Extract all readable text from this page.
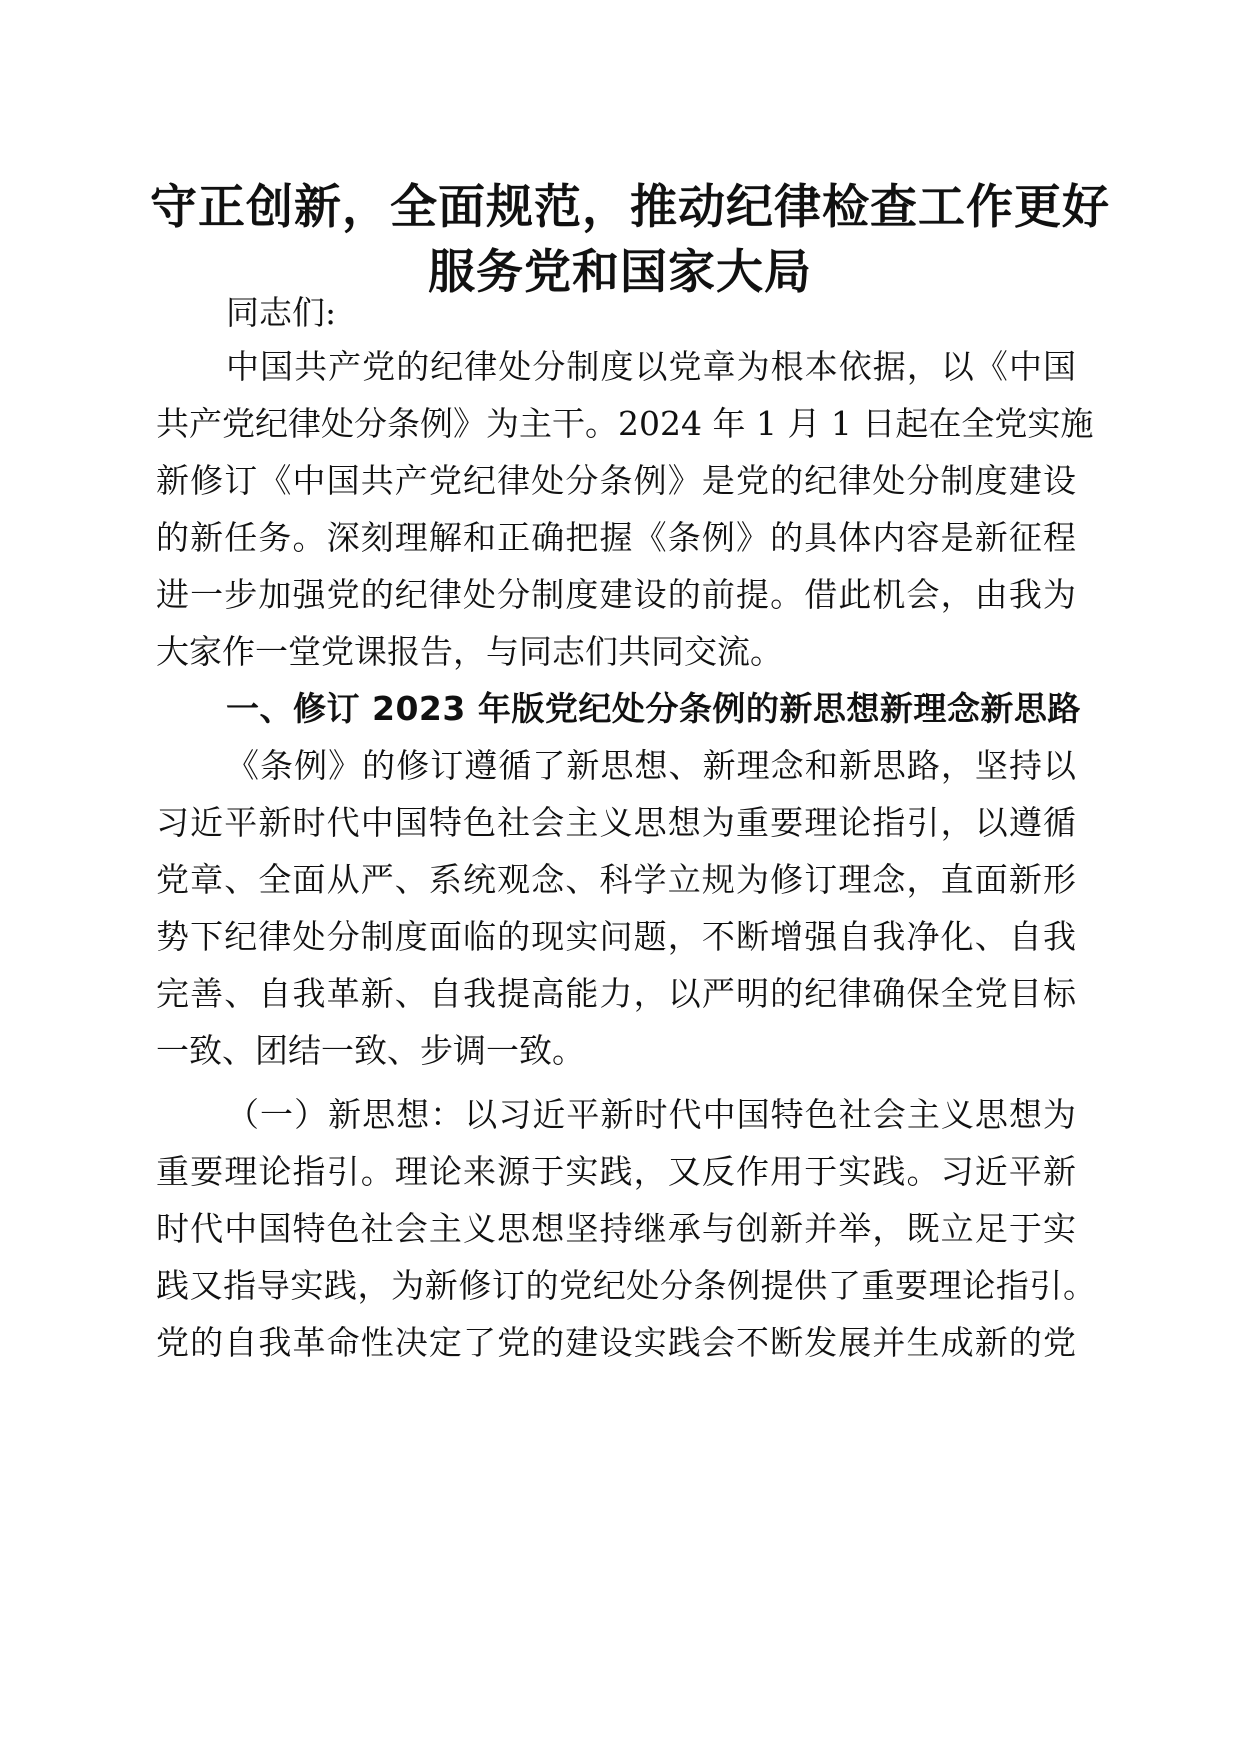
守正创新，全面规范，推动纪律检查工作更好
服务党和国家大局

同志们:

中国共产党的纪律处分制度以党章为根本依据，以《中国

共产党纪律处分条例》为主干。2024 年 1 月 1 日起在全党实施

新修订《中国共产党纪律处分条例》是党的纪律处分制度建设

的新任务。深刻理解和正确把握《条例》的具体内容是新征程

进一步加强党的纪律处分制度建设的前提。借此机会，由我为

大家作一堂党课报告，与同志们共同交流。

一、修订 2023 年版党纪处分条例的新思想新理念新思路

《条例》的修订遵循了新思想、新理念和新思路，坚持以

习近平新时代中国特色社会主义思想为重要理论指引，以遵循

党章、全面从严、系统观念、科学立规为修订理念，直面新形

势下纪律处分制度面临的现实问题，不断增强自我净化、自我

完善、自我革新、自我提高能力，以严明的纪律确保全党目标

一致、团结一致、步调一致。

（一）新思想：以习近平新时代中国特色社会主义思想为

重要理论指引。理论来源于实践，又反作用于实践。习近平新

时代中国特色社会主义思想坚持继承与创新并举，既立足于实

践又指导实践，为新修订的党纪处分条例提供了重要理论指引。

党的自我革命性决定了党的建设实践会不断发展并生成新的党
